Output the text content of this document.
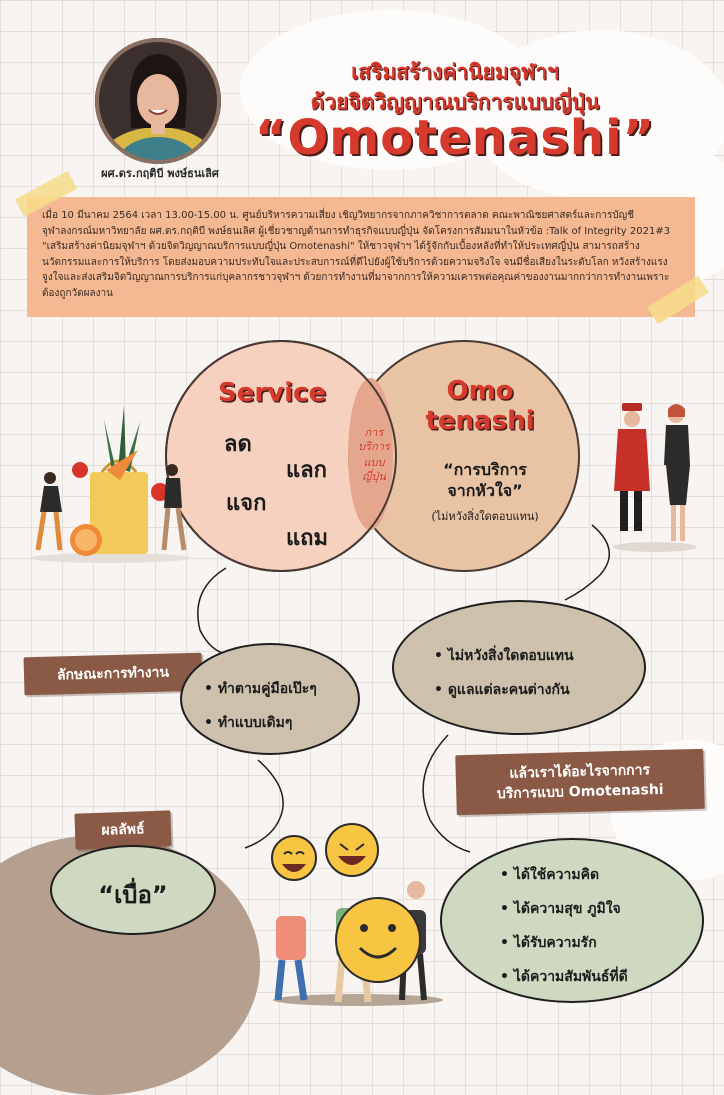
ผศ.ดร.กฤติบี พงษ์ธนเลิศ
เสริมสร้างค่านิยมจุฬาฯ
ด้วยจิตวิญญาณบริการแบบญี่ปุ่น
“Omotenashi”
เมื่อ 10 มีนาคม 2564 เวลา 13.00-15.00 น. ศูนย์บริหารความเสี่ยง เชิญวิทยากรจากภาควิชาการตลาด คณะพาณิชยศาสตร์และการบัญชี จุฬาลงกรณ์มหาวิทยาลัย ผศ.ดร.กฤติบี พงษ์ธนเลิศ ผู้เชี่ยวชาญด้านการทำธุรกิจแบบญี่ปุ่น จัดโครงการสัมมนาในหัวข้อ :Talk of Integrity 2021#3 "เสริมสร้างค่านิยมจุฬาฯ ด้วยจิตวิญญาณบริการแบบญี่ปุ่น Omotenashi" ให้ชาวจุฬาฯ ได้รู้จักกับเบื้องหลังที่ทำให้ประเทศญี่ปุ่น สามารถสร้างนวัตกรรมและการให้บริการ โดยส่งมอบความประทับใจและประสบการณ์ที่ดีไปยังผู้ใช้บริการด้วยความจริงใจ จนมีชื่อเสียงในระดับโลก หวังสร้างแรงจูงใจและส่งเสริมจิตวิญญาณการบริการแก่บุคลากรชาวจุฬาฯ ด้วยการทำงานที่มาจากการให้ความเคารพต่อคุณค่าของงานมากกว่าการทำงานเพราะต้องถูกวัดผลงาน
Service
ลด
แลก
แจก
แถม
Omo
tenashi
การ
บริการ
แบบ
ญี่ปุ่น	“การบริการ
จากหัวใจ”
(ไม่หวังสิ่งใดตอบแทน)
ลักษณะการทำงาน
• ทำตามคู่มือเป๊ะๆ
• ทำแบบเดิมๆ
• ไม่หวังสิ่งใดตอบแทน
• ดูแลแต่ละคนต่างกัน
แล้วเราได้อะไรจากการ
บริการแบบ Omotenashi
ผลลัพธ์
“เบื่อ”
• ได้ใช้ความคิด
• ได้ความสุข ภูมิใจ
• ได้รับความรัก
• ได้ความสัมพันธ์ที่ดี
